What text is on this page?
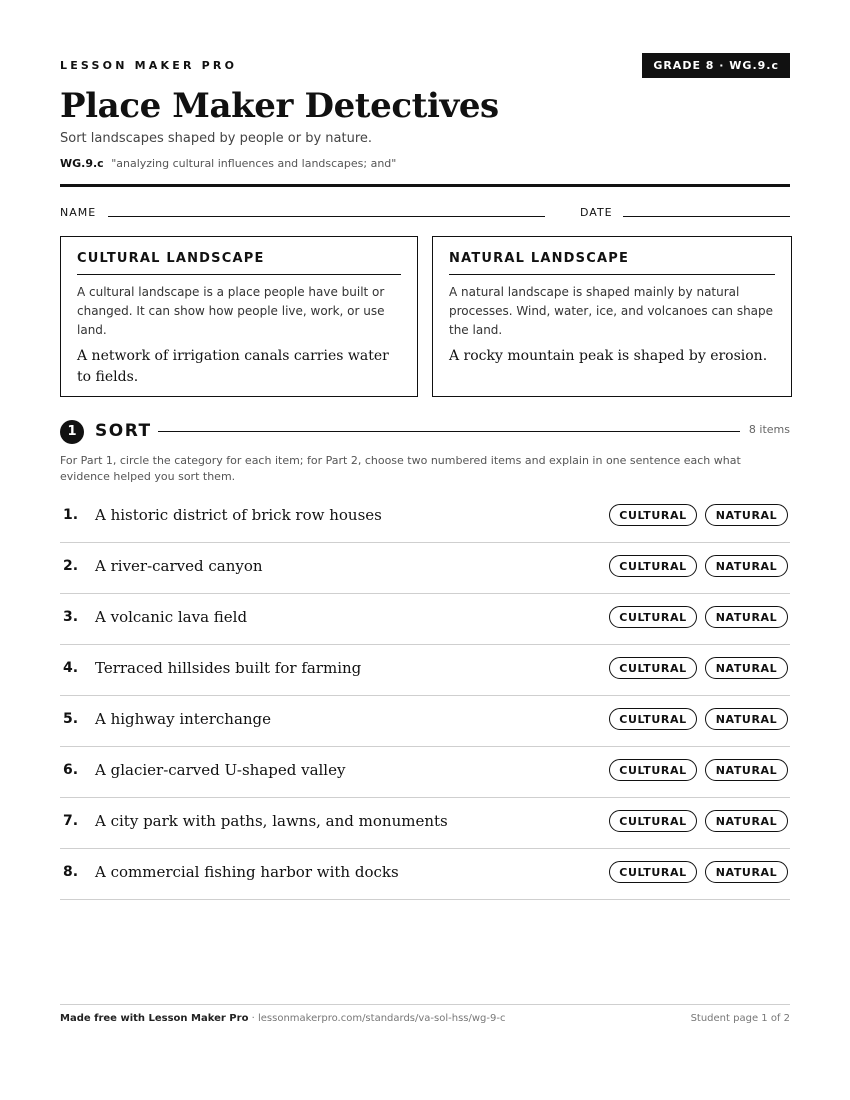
LESSON MAKER PRO	GRADE 8 · WG.9.c
Place Maker Detectives
Sort landscapes shaped by people or by nature.
WG.9.c "analyzing cultural influences and landscapes; and"
NAME	DATE
CULTURAL LANDSCAPE
A cultural landscape is a place people have built or changed. It can show how people live, work, or use land.
A network of irrigation canals carries water to fields.
NATURAL LANDSCAPE
A natural landscape is shaped mainly by natural processes. Wind, water, ice, and volcanoes can shape the land.
A rocky mountain peak is shaped by erosion.
1	SORT	8 items
For Part 1, circle the category for each item; for Part 2, choose two numbered items and explain in one sentence each what evidence helped you sort them.
1. A historic district of brick row houses	CULTURAL	NATURAL
2. A river-carved canyon	CULTURAL	NATURAL
3. A volcanic lava field	CULTURAL	NATURAL
4. Terraced hillsides built for farming	CULTURAL	NATURAL
5. A highway interchange	CULTURAL	NATURAL
6. A glacier-carved U-shaped valley	CULTURAL	NATURAL
7. A city park with paths, lawns, and monuments	CULTURAL	NATURAL
8. A commercial fishing harbor with docks	CULTURAL	NATURAL
Made free with Lesson Maker Pro · lessonmakerpro.com/standards/va-sol-hss/wg-9-c	Student page 1 of 2
